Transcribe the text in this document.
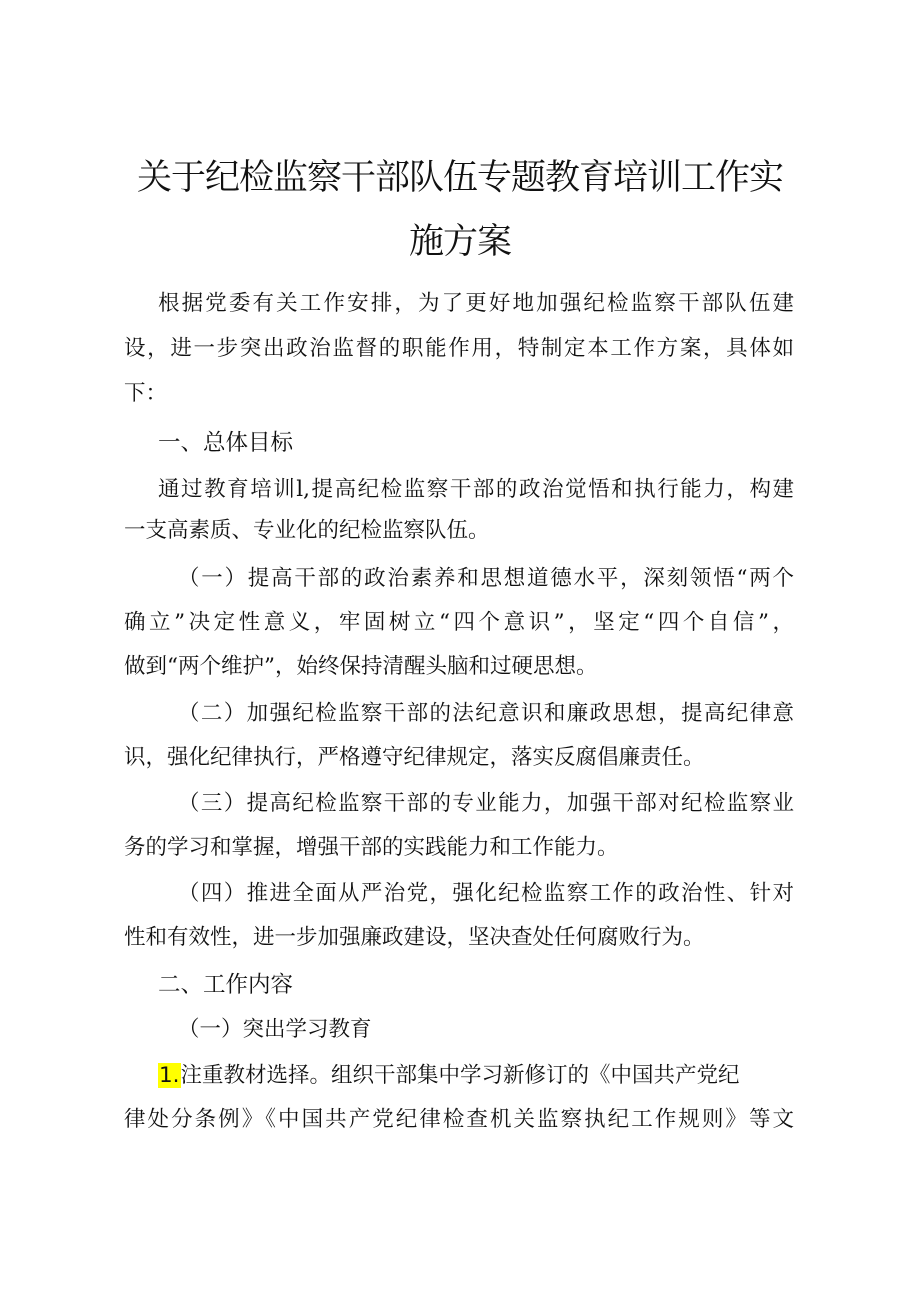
关于纪检监察干部队伍专题教育培训工作实
施方案
根据党委有关工作安排，为了更好地加强纪检监察干部队伍建
设，进一步突出政治监督的职能作用，特制定本工作方案，具体如
下：
一、总体目标
通过教育培训l,提高纪检监察干部的政治觉悟和执行能力，构建
一支高素质、专业化的纪检监察队伍。
（一）提高干部的政治素养和思想道德水平，深刻领悟“两个
确立”决定性意义，牢固树立“四个意识”，坚定“四个自信”，
做到“两个维护”，始终保持清醒头脑和过硬思想。
（二）加强纪检监察干部的法纪意识和廉政思想，提高纪律意
识，强化纪律执行，严格遵守纪律规定，落实反腐倡廉责任。
（三）提高纪检监察干部的专业能力，加强干部对纪检监察业
务的学习和掌握，增强干部的实践能力和工作能力。
（四）推进全面从严治党，强化纪检监察工作的政治性、针对
性和有效性，进一步加强廉政建设，坚决查处任何腐败行为。
二、工作内容
（一）突出学习教育
1.注重教材选择。组织干部集中学习新修订的《中国共产党纪
律处分条例》《中国共产党纪律检查机关监察执纪工作规则》等文
